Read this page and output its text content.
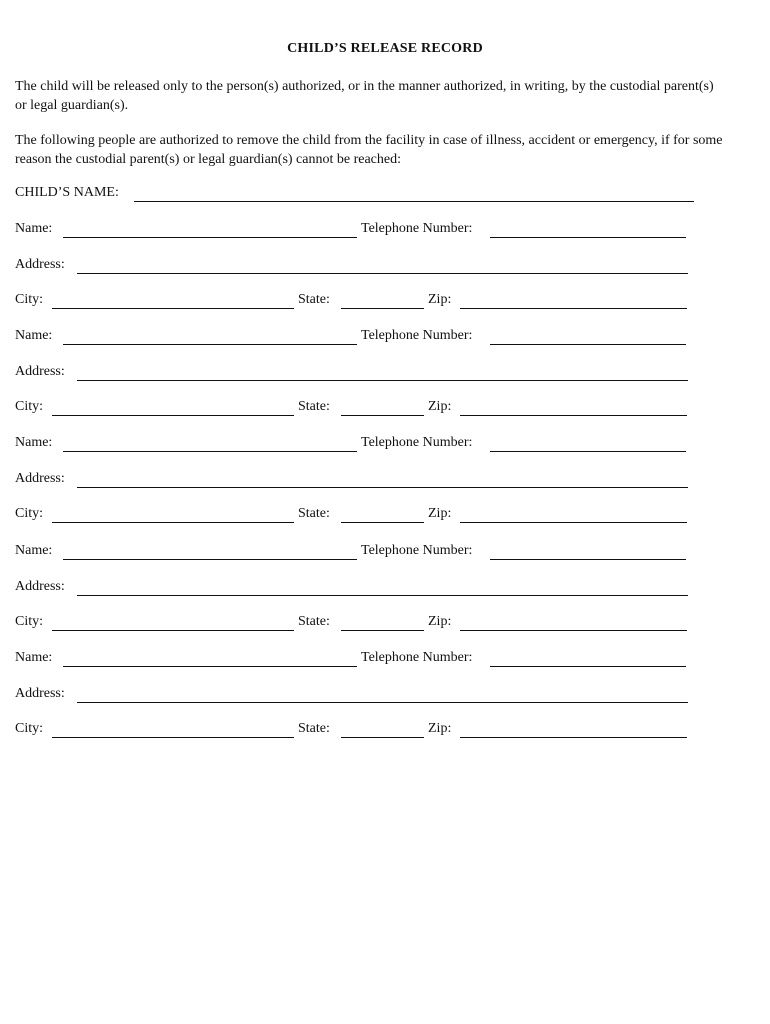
CHILD’S RELEASE RECORD

The child will be released only to the person(s) authorized, or in the manner authorized, in writing, by the custodial parent(s) or legal guardian(s).

The following people are authorized to remove the child from the facility in case of illness, accident or emergency, if for some reason the custodial parent(s) or legal guardian(s) cannot be reached:

CHILD’S NAME:
Name:	Telephone Number:
Address:
City:	State:	Zip:
Name:	Telephone Number:
Address:
City:	State:	Zip:
Name:	Telephone Number:
Address:
City:	State:	Zip:
Name:	Telephone Number:
Address:
City:	State:	Zip:
Name:	Telephone Number:
Address:
City:	State:	Zip:
